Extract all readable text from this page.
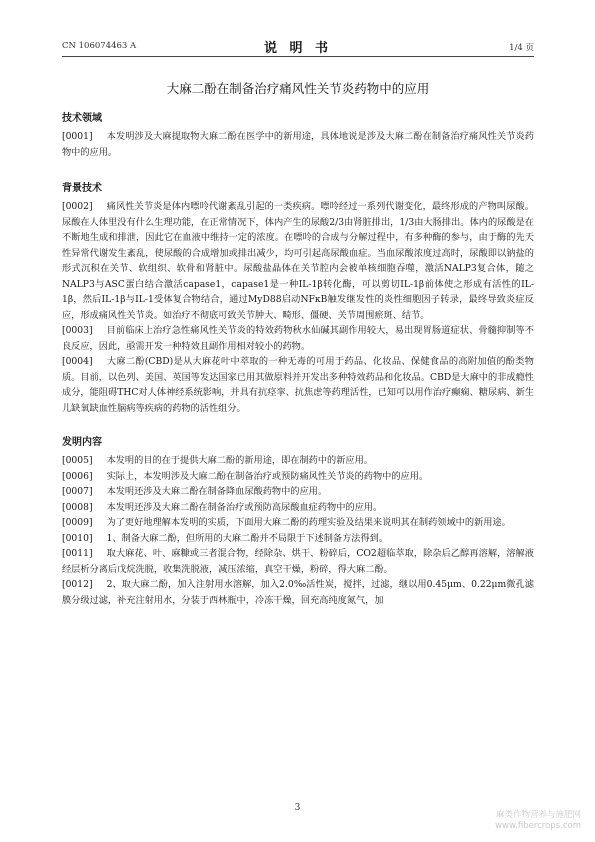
CN 106074463 A	说 明 书	1/4 页
大麻二酚在制备治疗痛风性关节炎药物中的应用
技术领域

[0001] 本发明涉及大麻提取物大麻二酚在医学中的新用途，具体地说是涉及大麻二酚在制备治疗痛风性关节炎药物中的应用。

背景技术

[0002] 痛风性关节炎是体内嘌呤代谢紊乱引起的一类疾病。嘌呤经过一系列代谢变化，最终形成的产物叫尿酸。尿酸在人体里没有什么生理功能，在正常情况下，体内产生的尿酸2/3由肾脏排出，1/3由大肠排出。体内的尿酸是在不断地生成和排泄，因此它在血液中维持一定的浓度。在嘌呤的合成与分解过程中，有多种酶的参与，由于酶的先天性异常代谢发生紊乱，使尿酸的合成增加或排出减少，均可引起高尿酸血症。当血尿酸浓度过高时，尿酸即以钠盐的形式沉积在关节、软组织、软骨和肾脏中。尿酸盐晶体在关节腔内会被单核细胞吞噬，激活NALP3复合体，随之NALP3与ASC蛋白结合激活capase1，capase1是一种IL-1β转化酶，可以剪切IL-1β前体使之形成有活性的IL-1β，然后IL-1β与IL-1受体复合物结合，通过MyD88启动NFκB触发继发性的炎性细胞因子转录，最终导致炎症反应，形成痛风性关节炎。如治疗不彻底可致关节肿大、畸形、僵硬、关节周围瘀斑、结节。

[0003] 目前临床上治疗急性痛风性关节炎的特效药物秋水仙碱其副作用较大，易出现胃肠道症状、骨髓抑制等不良反应，因此，亟需开发一种特效且副作用相对较小的药物。

[0004] 大麻二酚(CBD)是从大麻花叶中萃取的一种无毒的可用于药品、化妆品、保健食品的高附加值的酚类物质。目前，以色列、美国、英国等发达国家已用其做原料并开发出多种特效药品和化妆品。CBD是大麻中的非成瘾性成分，能阻碍THC对人体神经系统影响，并具有抗痉挛、抗焦虑等药理活性，已知可以用作治疗癫痫、糖尿病、新生儿缺氧缺血性脑病等疾病的药物的活性组分。

发明内容

[0005] 本发明的目的在于提供大麻二酚的新用途，即在制药中的新应用。

[0006] 实际上，本发明涉及大麻二酚在制备治疗或预防痛风性关节炎的药物中的应用。

[0007] 本发明还涉及大麻二酚在制备降血尿酸药物中的应用。

[0008] 本发明还涉及大麻二酚在制备治疗或预防高尿酸血症药物中的应用。

[0009] 为了更好地理解本发明的实质，下面用大麻二酚的药理实验及结果来说明其在制药领域中的新用途。

[0010] 1、制备大麻二酚，但所用的大麻二酚并不局限于下述制备方法得到。

[0011] 取大麻花、叶、麻糠或三者混合物，经除杂、烘干、粉碎后，CO2超临萃取，除杂后乙醇再溶解，溶解液经层析分离后戊烷洗脱，收集洗脱液，减压浓缩，真空干燥，粉碎，得大麻二酚。

[0012] 2、取大麻二酚，加入注射用水溶解，加入2.0‰活性炭，搅拌，过滤，继以用0.45μm、0.22μm微孔滤膜分级过滤，补充注射用水，分装于西林瓶中，冷冻干燥，回充高纯度氮气，加

3
麻类作物营养与施肥网
www.fibercrops.com
